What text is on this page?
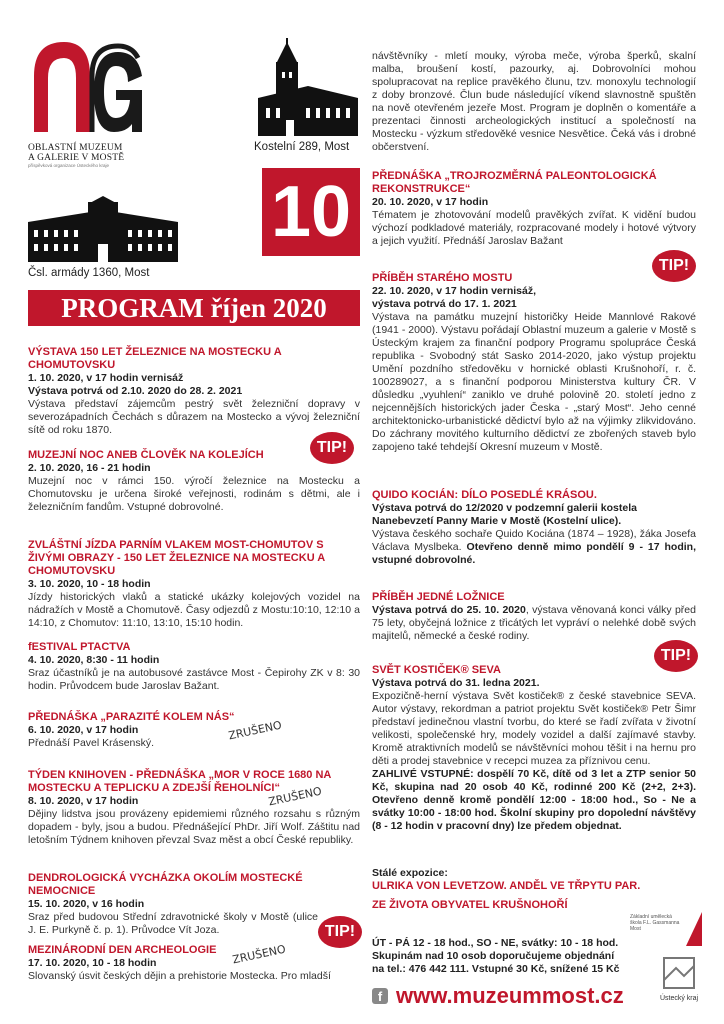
OBLASTNÍ MUZEUM
A GALERIE V MOSTĚ
příspěvková organizace Ústeckého kraje
Kostelní 289, Most
Čsl. armády 1360, Most
10
PROGRAM říjen 2020
VÝSTAVA 150 LET ŽELEZNICE NA MOSTECKU A CHOMUTOVSKU
1. 10. 2020, v 17 hodin vernisáž
Výstava potrvá od 2.10. 2020 do 28. 2. 2021
Výstava představí zájemcům pestrý svět železniční dopravy v severozápadních Čechách s důrazem na Mostecko a vývoj železniční sítě od roku 1870.
TIP!
MUZEJNÍ NOC ANEB ČLOVĚK NA KOLEJÍCH
2. 10. 2020, 16 - 21 hodin
Muzejní noc v rámci 150. výročí železnice na Mostecku a Chomutovsku je určena široké veřejnosti, rodinám s dětmi, ale i železničním fandům. Vstupné dobrovolné.
ZVLÁŠTNÍ JÍZDA PARNÍM VLAKEM MOST-CHOMUTOV S ŽIVÝMI OBRAZY - 150 LET ŽELEZNICE NA MOSTECKU A CHOMUTOVSKU
3. 10. 2020, 10 - 18 hodin
Jízdy historických vlaků a statické ukázky kolejových vozidel na nádražích v Mostě a Chomutově. Časy odjezdů z Mostu:10:10, 12:10 a 14:10, z Chomutov: 11:10, 13:10, 15:10 hodin.
fESTIVAL PTACTVA
4. 10. 2020, 8:30 - 11 hodin
Sraz účastníků je na autobusové zastávce Most - Čepirohy ZK v 8: 30 hodin. Průvodcem bude Jaroslav Bažant.
PŘEDNÁŠKA „PARAZITÉ KOLEM NÁS“
6. 10. 2020, v 17 hodin
Přednáší Pavel Krásenský.
ZRUŠENO
TÝDEN KNIHOVEN - PŘEDNÁŠKA „MOR V ROCE 1680 NA MOSTECKU A TEPLICKU A ZDEJŠÍ ŘEHOLNÍCI“
8. 10. 2020, v 17 hodin
Dějiny lidstva jsou provázeny epidemiemi různého rozsahu s různým dopadem - byly, jsou a budou. Přednášející PhDr. Jiří Wolf. Záštitu nad letošním Týdnem knihoven převzal Svaz měst a obcí České republiky.
ZRUŠENO
DENDROLOGICKÁ VYCHÁZKA OKOLÍM MOSTECKÉ NEMOCNICE
15. 10. 2020, v 16 hodin
Sraz před budovou Střední zdravotnické školy v Mostě (ulice J. E. Purkyně č. p. 1). Průvodce Vít Joza.	TIP!
MEZINÁRODNÍ DEN ARCHEOLOGIE
17. 10. 2020, 10 - 18 hodin
Slovanský úsvit českých dějin a prehistorie Mostecka. Pro mladší
ZRUŠENO
návštěvníky - mletí mouky, výroba meče, výroba šperků, skalní malba, broušení kostí, pazourky, aj. Dobrovolníci mohou spolupracovat na replice pravěkého člunu, tzv. monoxylu technologií z doby bronzové. Člun bude následující víkend slavnostně spuštěn na nově otevřeném jezeře Most. Program je doplněn o komentáře a prezentaci činnosti archeologických institucí a společností na Mostecku - výzkum středověké vesnice Nesvětice. Čeká vás i drobné občerstvení.
PŘEDNÁŠKA „TROJROZMĚRNÁ PALEONTOLOGICKÁ REKONSTRUKCE“
20. 10. 2020, v 17 hodin
Tématem je zhotovování modelů pravěkých zvířat. K vidění budou výchozí podkladové materiály, rozpracované modely i hotové výtvory a jejich využití. Přednáší Jaroslav Bažant
TIP!
PŘÍBĚH STARÉHO MOSTU
22. 10. 2020, v 17 hodin vernisáž,
výstava potrvá do 17. 1. 2021
Výstava na památku muzejní historičky Heide Mannlové Rakové (1941 - 2000). Výstavu pořádají Oblastní muzeum a galerie v Mostě s Ústeckým krajem za finanční podpory Programu spolupráce Česká republika - Svobodný stát Sasko 2014-2020, jako výstup projektu Umění pozdního středověku v hornické oblasti Krušnohoří, r. č. 100289027, a s finanční podporou Ministerstva kultury ČR. V důsledku „vyuhlení“ zaniklo ve druhé polovině 20. století jedno z nejcennějších historických jader Česka - „starý Most“. Jeho cenné architektonicko-urbanistické dědictví bylo až na výjimky zlikvidováno. Do záchrany movitého kulturního dědictví ze zbořených staveb bylo zapojeno také tehdejší Okresní muzeum v Mostě.
QUIDO KOCIÁN: DÍLO POSEDLÉ KRÁSOU.
Výstava potrvá do 12/2020 v podzemní galerii kostela Nanebevzetí Panny Marie v Mostě (Kostelní ulice).
Výstava českého sochaře Quido Kociána (1874 – 1928), žáka Josefa Václava Myslbeka. Otevřeno denně mimo pondělí 9 - 17 hodin, vstupné dobrovolné.
PŘÍBĚH JEDNÉ LOŽNICE
Výstava potrvá do 25. 10. 2020, výstava věnovaná konci války před 75 lety, obyčejná ložnice z třicátých let vypráví o nelehké době svých majitelů, německé a české rodiny.
TIP!
SVĚT KOSTIČEK® SEVA
Výstava potrvá do 31. ledna 2021.
Expozičně-herní výstava Svět kostiček® z české stavebnice SEVA. Autor výstavy, rekordman a patriot projektu Svět kostiček® Petr Šimr představí jedinečnou vlastní tvorbu, do které se řadí zvířata v životní velikosti, společenské hry, modely vozidel a další zajímavé stavby. Kromě atraktivních modelů se návštěvníci mohou těšit i na hernu pro děti a prodej stavebnice v recepci muzea za příznivou cenu.
ZAHLIVÉ VSTUPNÉ: dospělí 70 Kč, dítě od 3 let a ZTP senior 50 Kč, skupina nad 20 osob 40 Kč, rodinné 200 Kč (2+2, 2+3). Otevřeno denně kromě pondělí 12:00 - 18:00 hod., So - Ne a svátky 10:00 - 18:00 hod. Školní skupiny pro dopolední návštěvy (8 - 12 hodin v pracovní dny) lze předem objednat.
Stálé expozice:
ULRIKA VON LEVETZOW. ANDĚL VE TŘPYTU PAR.
ZE ŽIVOTA OBYVATEL KRUŠNOHOŘÍ
Základní umělecká škola F.L. Gassmanna Most
ÚT - PÁ 12 - 18 hod., SO - NE, svátky: 10 - 18 hod.
Skupinám nad 10 osob doporučujeme objednání
na tel.: 476 442 111. Vstupné 30 Kč, snížené 15 Kč
f www.muzeummost.cz	Ústecký kraj
